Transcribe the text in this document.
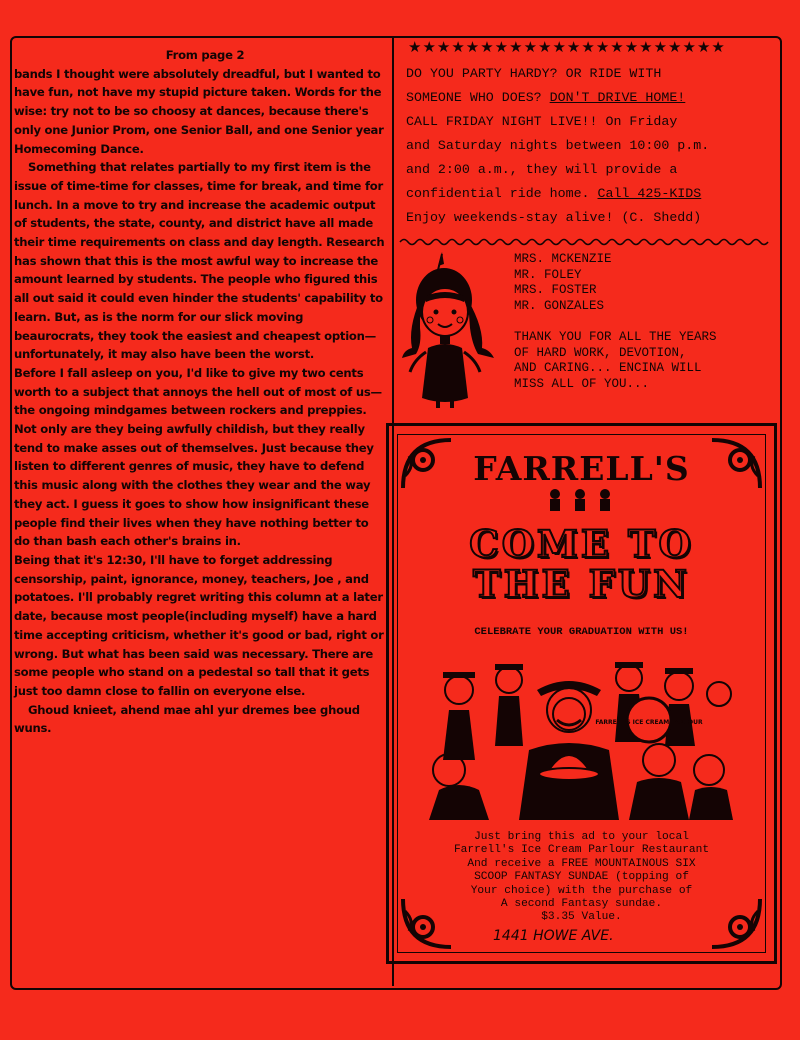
From page 2

bands I thought were absolutely dreadful, but I wanted to have fun, not have my stupid picture taken. Words for the wise: try not to be so choosy at dances, because there's only one Junior Prom, one Senior Ball, and one Senior year Homecoming Dance.

Something that relates partially to my first item is the issue of time-time for classes, time for break, and time for lunch. In a move to try and increase the academic output of students, the state, county, and district have all made their time requirements on class and day length. Research has shown that this is the most awful way to increase the amount learned by students. The people who figured this all out said it could even hinder the students' capability to learn. But, as is the norm for our slick moving beaurocrats, they took the easiest and cheapest option—unfortunately, it may also have been the worst.

Before I fall asleep on you, I'd like to give my two cents worth to a subject that annoys the hell out of most of us—the ongoing mindgames between rockers and preppies. Not only are they being awfully childish, but they really tend to make asses out of themselves. Just because they listen to different genres of music, they have to defend this music along with the clothes they wear and the way they act. I guess it goes to show how insignificant these people find their lives when they have nothing better to do than bash each other's brains in.

Being that it's 12:30, I'll have to forget addressing censorship, paint, ignorance, money, teachers, Joe , and potatoes. I'll probably regret writing this column at a later date, because most people(including myself) have a hard time accepting criticism, whether it's good or bad, right or wrong. But what has been said was necessary. There are some people who stand on a pedestal so tall that it gets just too damn close to fallin on everyone else.

Ghoud knieet, ahend mae ahl yur dremes bee ghoud wuns.

★★★★★★★★★★★★★★★★★★★★★★

DO YOU PARTY HARDY? OR RIDE WITH

SOMEONE WHO DOES? DON'T DRIVE HOME!

CALL FRIDAY NIGHT LIVE!! On Friday

and Saturday nights between 10:00 p.m.

and 2:00 a.m., they will provide a

confidential ride home. Call 425-KIDS

Enjoy weekends-stay alive! (C. Shedd)

MRS. MCKENZIE

MR. FOLEY

MRS. FOSTER

MR. GONZALES

THANK YOU FOR ALL THE YEARS

OF HARD WORK, DEVOTION,

AND CARING... ENCINA WILL

MISS ALL OF YOU...

FARRELL'S
COME TO
THE FUN
CELEBRATE YOUR GRADUATION WITH US!
FARRELL'S ICE CREAM PARLOUR

Just bring this ad to your local

Farrell's Ice Cream Parlour Restaurant

And receive a FREE MOUNTAINOUS SIX

SCOOP FANTASY SUNDAE (topping of

Your choice) with the purchase of

A second Fantasy sundae.

$3.35 Value.

1441 HOWE AVE.
